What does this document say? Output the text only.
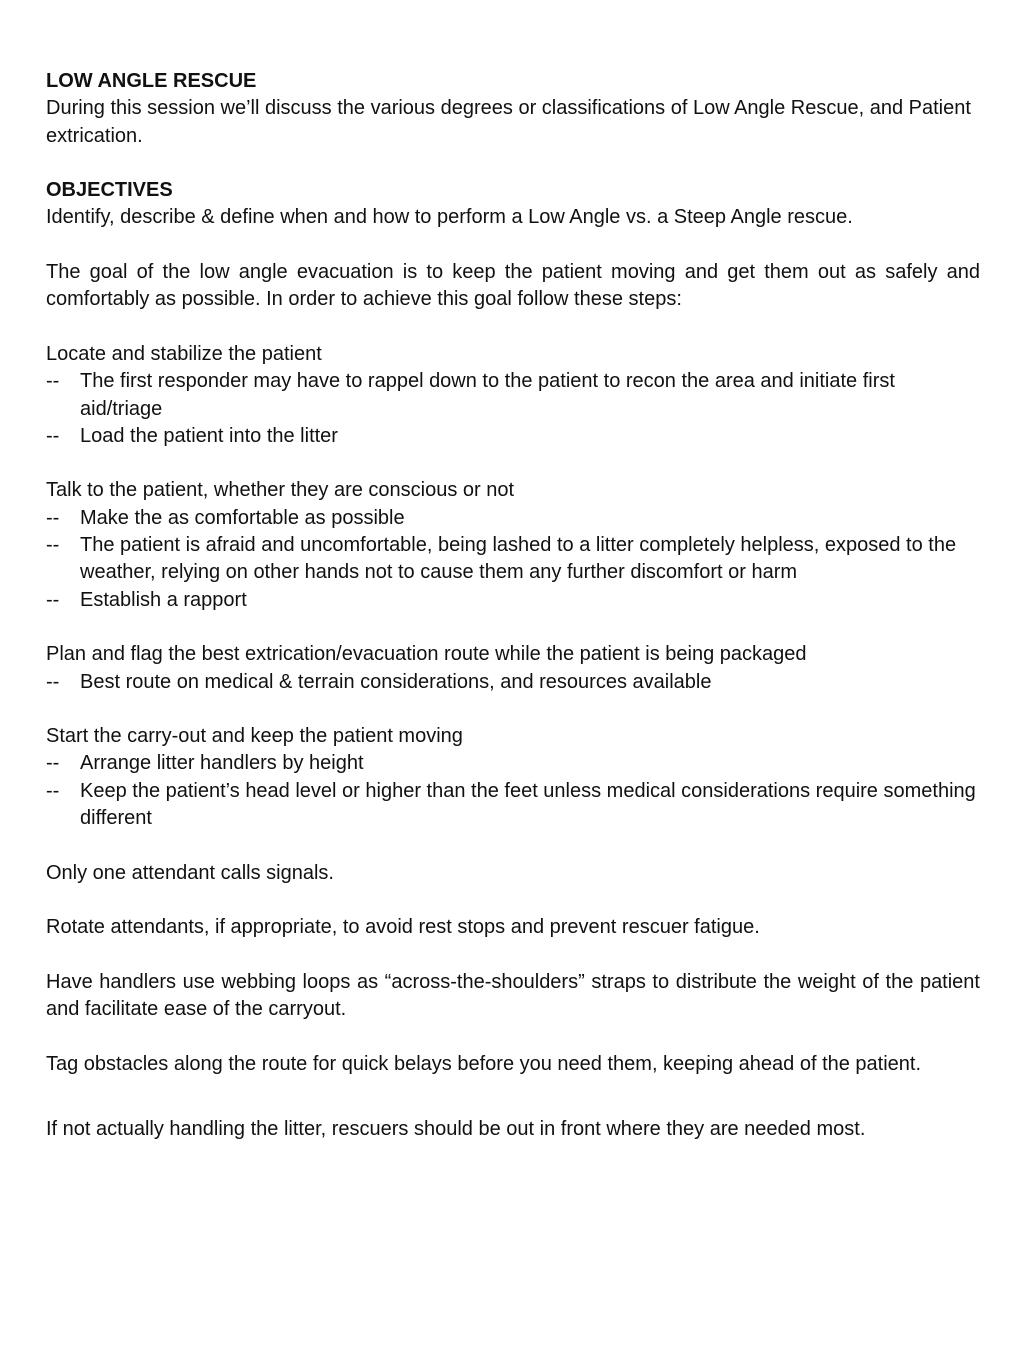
LOW ANGLE RESCUE

During this session we’ll discuss the various degrees or classifications of Low Angle Rescue, and Patient extrication.

OBJECTIVES

Identify, describe & define when and how to perform a Low Angle vs. a Steep Angle rescue.

The goal of the low angle evacuation is to keep the patient moving and get them out as safely and comfortably as possible. In order to achieve this goal follow these steps:

Locate and stabilize the patient

-- The first responder may have to rappel down to the patient to recon the area and initiate first aid/triage
-- Load the patient into the litter

Talk to the patient, whether they are conscious or not

-- Make the as comfortable as possible
-- The patient is afraid and uncomfortable, being lashed to a litter completely helpless, exposed to the weather, relying on other hands not to cause them any further discomfort or harm
-- Establish a rapport

Plan and flag the best extrication/evacuation route while the patient is being packaged

-- Best route on medical & terrain considerations, and resources available

Start the carry-out and keep the patient moving

-- Arrange litter handlers by height
-- Keep the patient’s head level or higher than the feet unless medical considerations require something different

Only one attendant calls signals.

Rotate attendants, if appropriate, to avoid rest stops and prevent rescuer fatigue.

Have handlers use webbing loops as “across-the-shoulders” straps to distribute the weight of the patient and facilitate ease of the carryout.

Tag obstacles along the route for quick belays before you need them, keeping ahead of the patient.

If not actually handling the litter, rescuers should be out in front where they are needed most.
